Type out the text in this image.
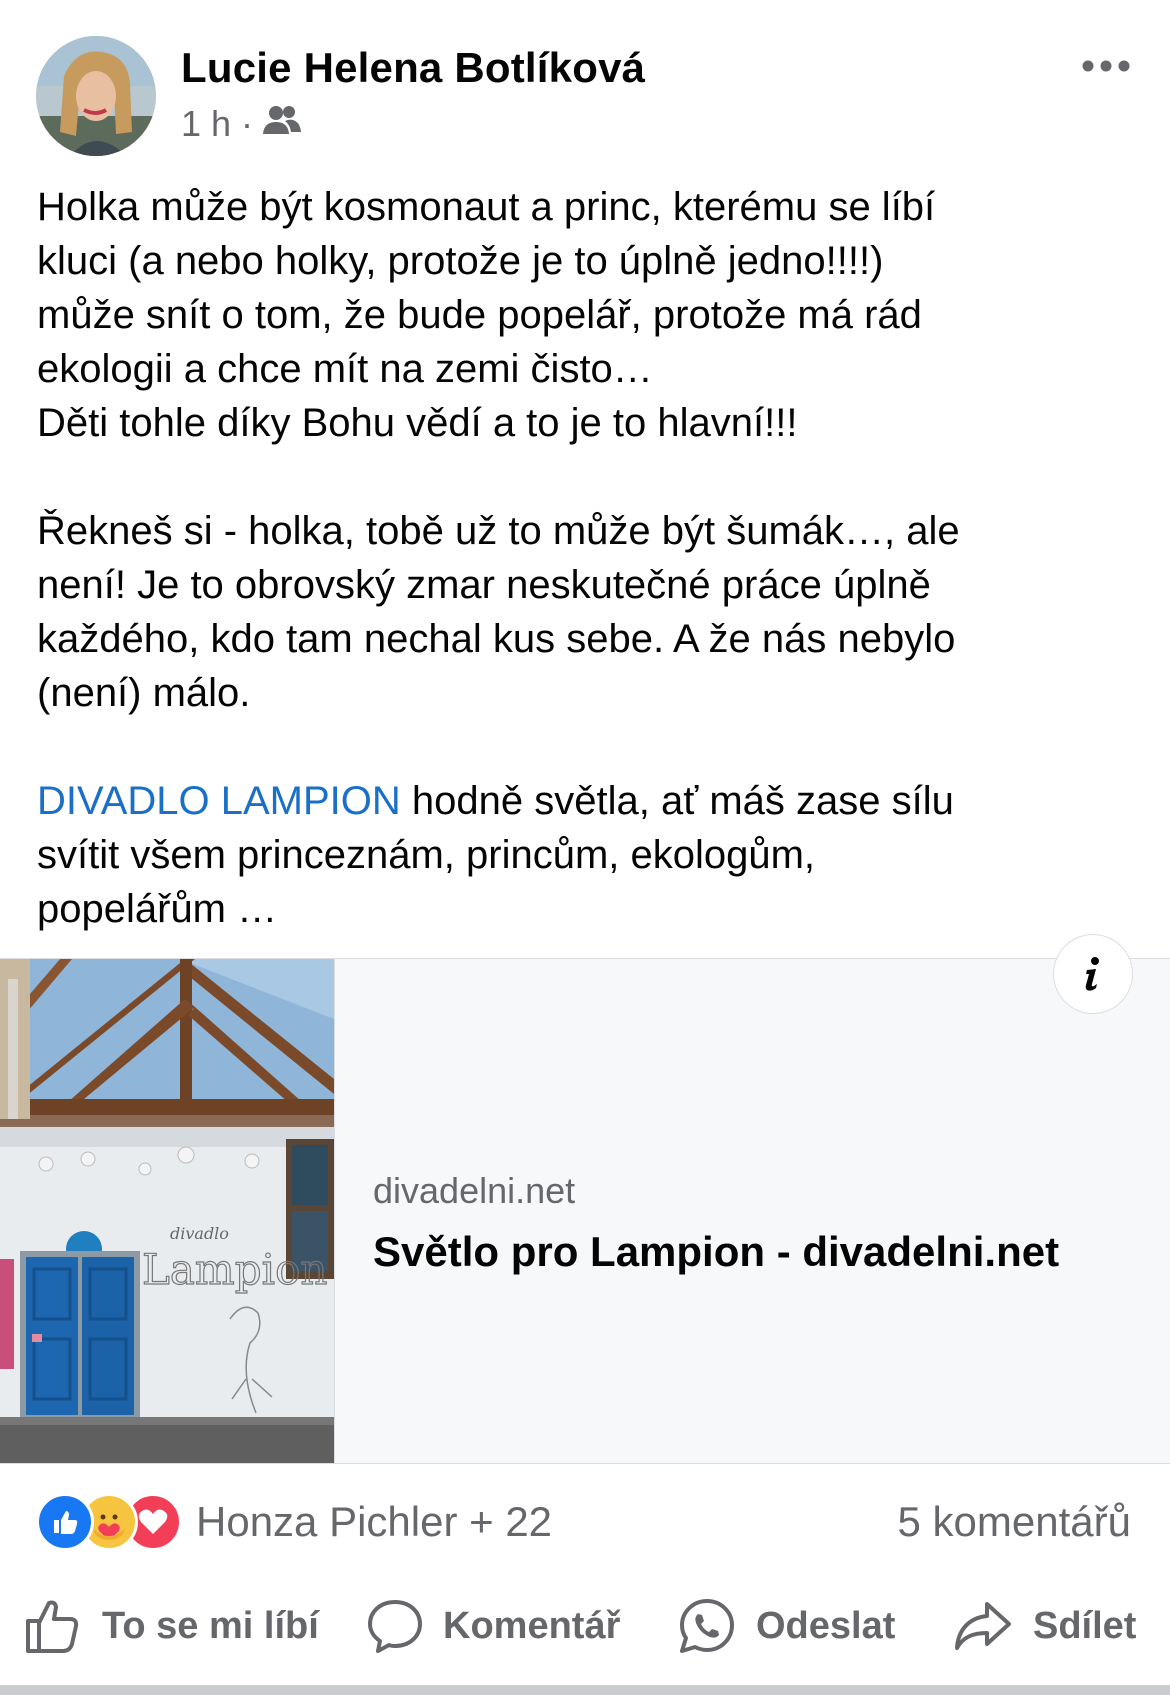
Lucie Helena Botlíková
1 h ·

Holka může být kosmonaut a princ, kterému se líbí

kluci (a nebo holky, protože je to úplně jedno!!!!)

může snít o tom, že bude popelář, protože má rád

ekologii a chce mít na zemi čisto…

Děti tohle díky Bohu vědí a to je to hlavní!!!

Řekneš si - holka, tobě už to může být šumák…, ale

není! Je to obrovský zmar neskutečné práce úplně

každého, kdo tam nechal kus sebe. A že nás nebylo

(není) málo.

DIVADLO LAMPION hodně světla, ať máš zase sílu

svítit všem princeznám, princům, ekologům,

popelářům …

divadlo
Lampion
divadelni.net
Světlo pro Lampion - divadelni.net
Honza Pichler + 22	5 komentářů
To se mi líbí	Komentář	Odeslat	Sdílet
